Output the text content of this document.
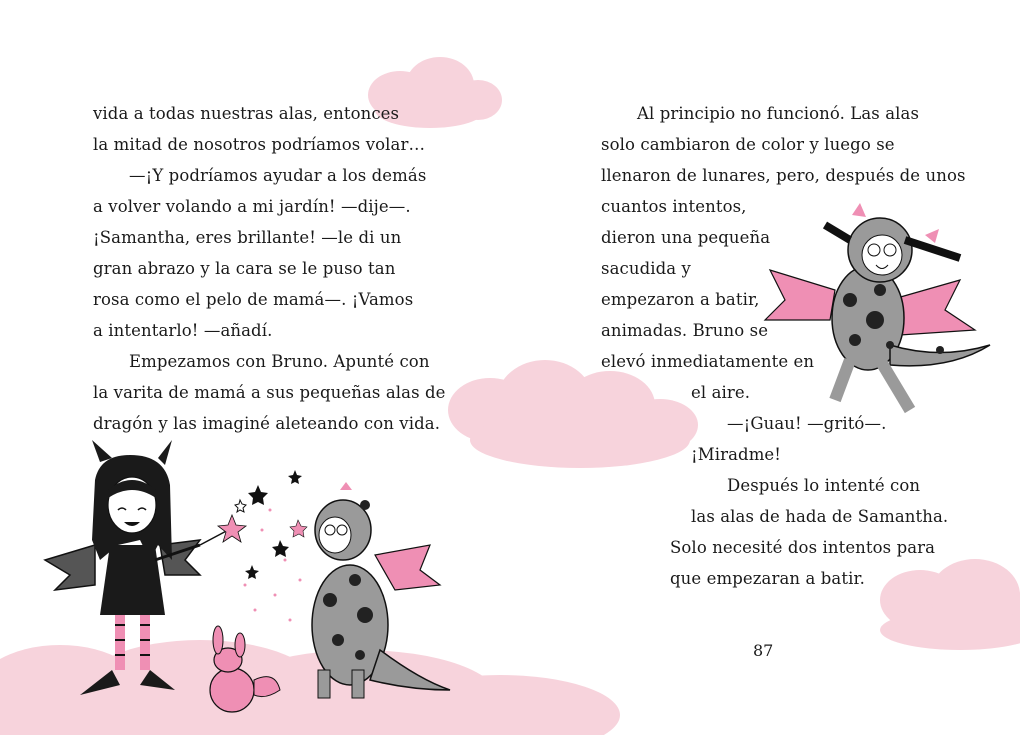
vida a todas nuestras alas, entonces
la mitad de nosotros podríamos volar…
—¡Y podríamos ayudar a los demás
a volver volando a mi jardín! —dije—.
¡Samantha, eres brillante! —le di un
gran abrazo y la cara se le puso tan
rosa como el pelo de mamá—. ¡Vamos
a intentarlo! —añadí.
Empezamos con Bruno. Apunté con
la varita de mamá a sus pequeñas alas de
dragón y las imaginé aleteando con vida.
Al principio no funcionó. Las alas
solo cambiaron de color y luego se
llenaron de lunares, pero, después de unos
cuantos intentos,
dieron una pequeña
sacudida y
empezaron a batir,
animadas. Bruno se
elevó inmediatamente en
el aire.
—¡Guau! —gritó—.
¡Miradme!
Después lo intenté con
las alas de hada de Samantha.
Solo necesité dos intentos para
que empezaran a batir.
87
